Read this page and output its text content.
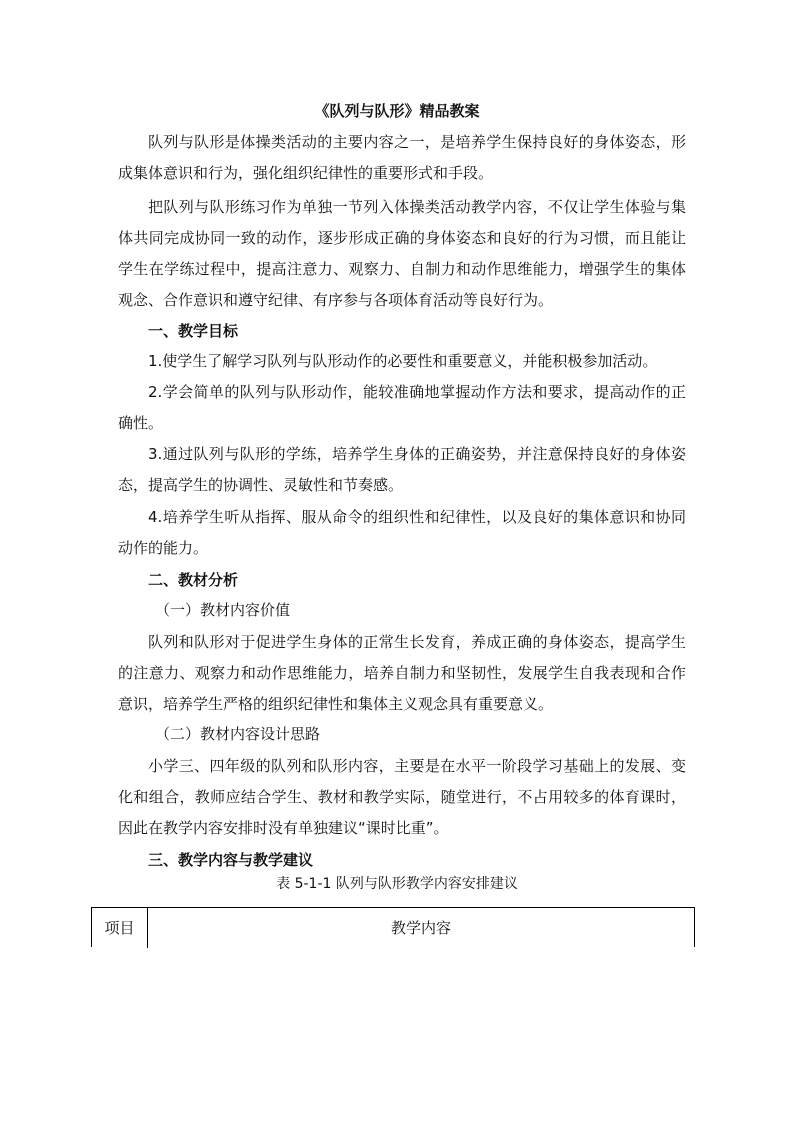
《队列与队形》精品教案

队列与队形是体操类活动的主要内容之一，是培养学生保持良好的身体姿态，形成集体意识和行为，强化组织纪律性的重要形式和手段。

把队列与队形练习作为单独一节列入体操类活动教学内容，不仅让学生体验与集体共同完成协同一致的动作，逐步形成正确的身体姿态和良好的行为习惯，而且能让学生在学练过程中，提高注意力、观察力、自制力和动作思维能力，增强学生的集体观念、合作意识和遵守纪律、有序参与各项体育活动等良好行为。

一、教学目标

1.使学生了解学习队列与队形动作的必要性和重要意义，并能积极参加活动。

2.学会简单的队列与队形动作，能较准确地掌握动作方法和要求，提高动作的正确性。

3.通过队列与队形的学练，培养学生身体的正确姿势，并注意保持良好的身体姿态，提高学生的协调性、灵敏性和节奏感。

4.培养学生听从指挥、服从命令的组织性和纪律性，以及良好的集体意识和协同动作的能力。

二、教材分析
（一）教材内容价值

队列和队形对于促进学生身体的正常生长发育，养成正确的身体姿态，提高学生的注意力、观察力和动作思维能力，培养自制力和坚韧性，发展学生自我表现和合作意识，培养学生严格的组织纪律性和集体主义观念具有重要意义。

（二）教材内容设计思路

小学三、四年级的队列和队形内容，主要是在水平一阶段学习基础上的发展、变化和组合，教师应结合学生、教材和教学实际，随堂进行，不占用较多的体育课时，因此在教学内容安排时没有单独建议“课时比重”。

三、教学内容与教学建议
表 5-1-1 队列与队形教学内容安排建议
项目	教学内容
